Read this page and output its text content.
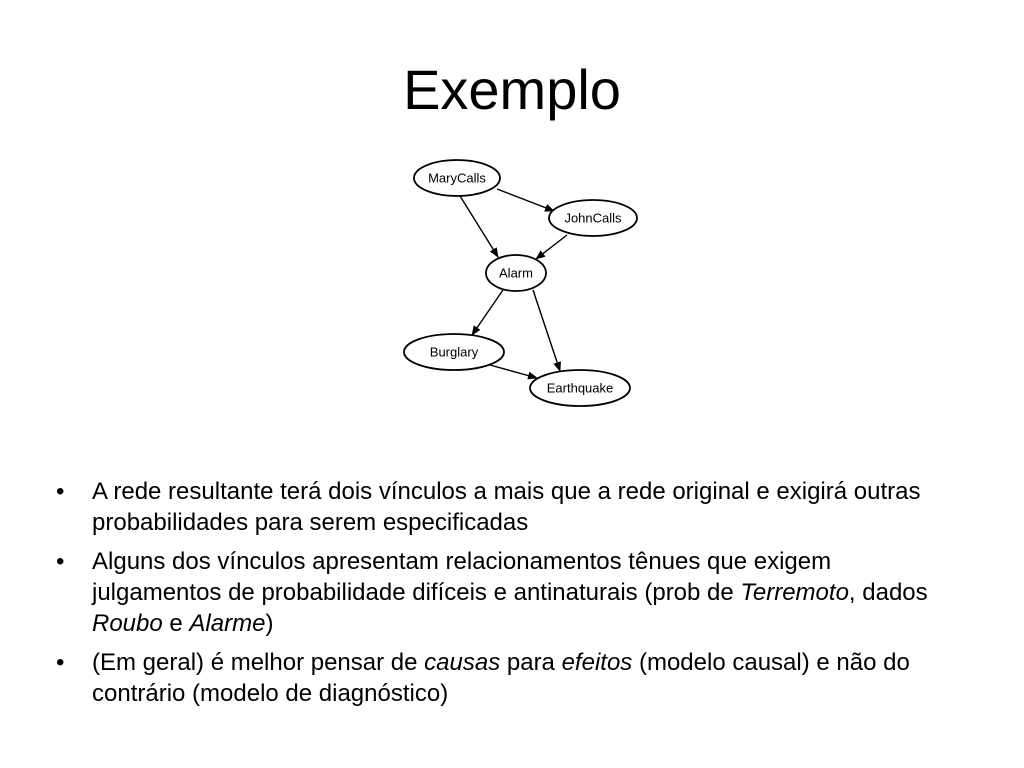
Exemplo
MaryCalls
JohnCalls
Alarm
Burglary
Earthquake
• A rede resultante terá dois vínculos a mais que a rede original e exigirá outras probabilidades para serem especificadas
• Alguns dos vínculos apresentam relacionamentos tênues que exigem julgamentos de probabilidade difíceis e antinaturais (prob de Terremoto, dados Roubo e Alarme)
• (Em geral) é melhor pensar de causas para efeitos (modelo causal) e não do contrário (modelo de diagnóstico)
